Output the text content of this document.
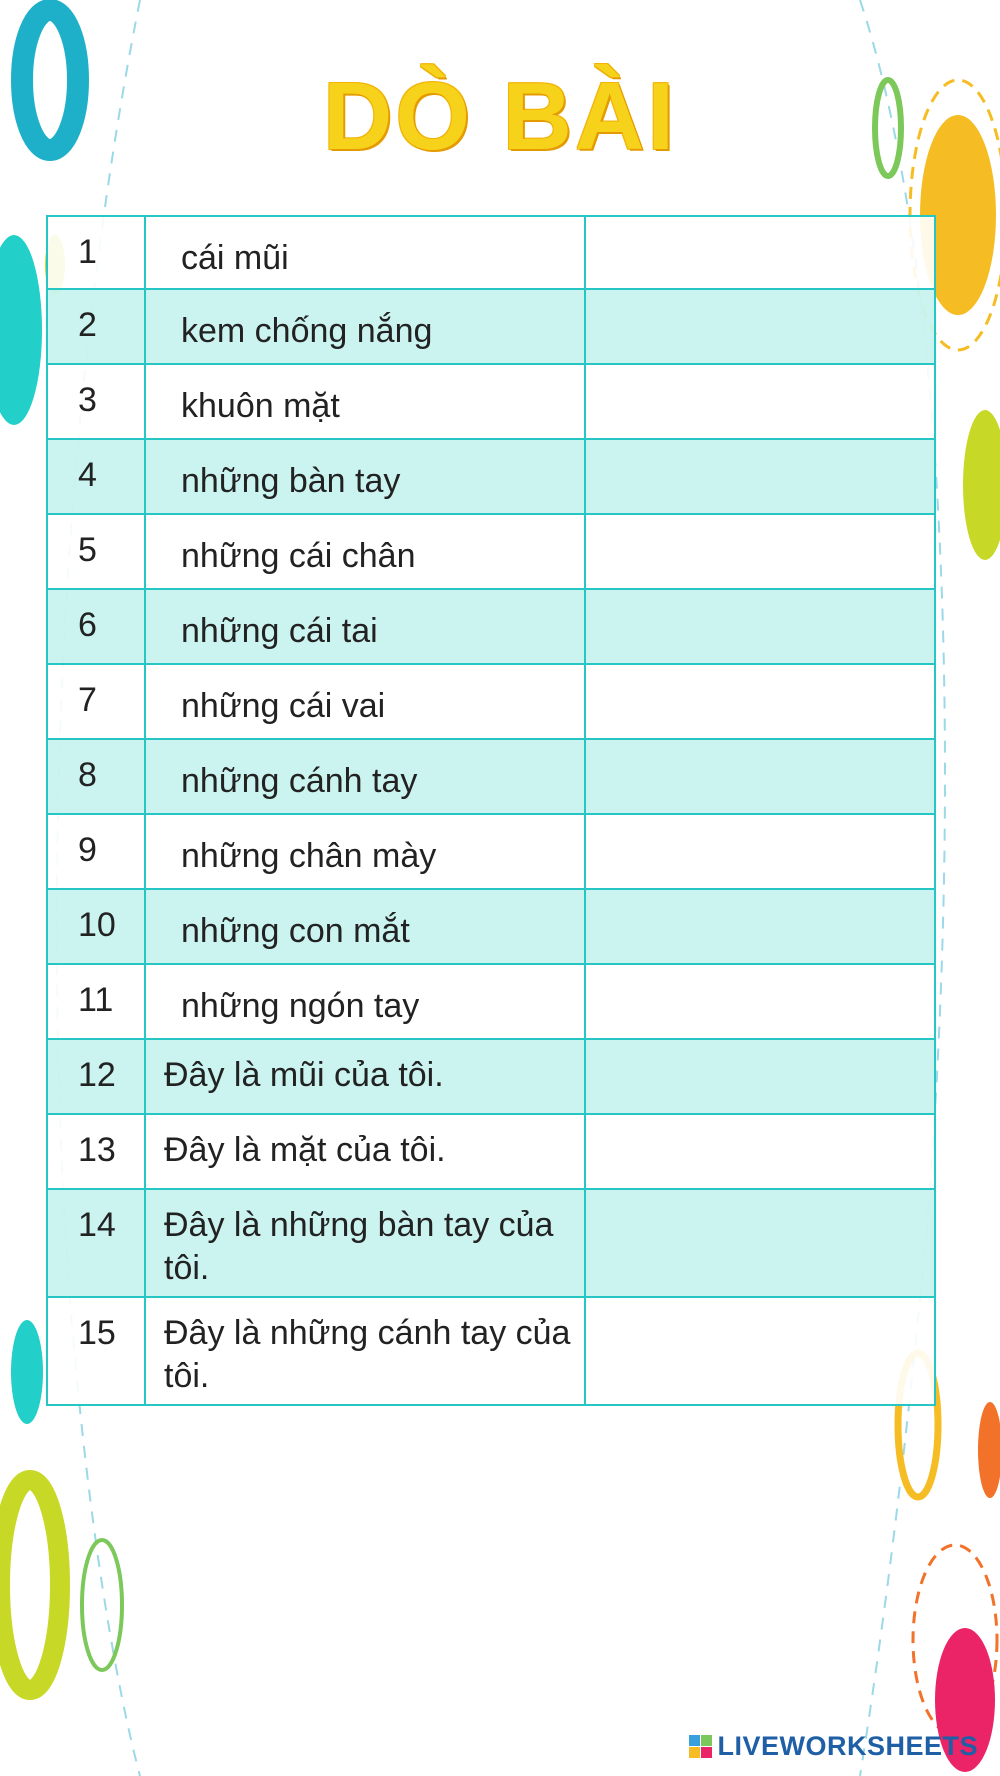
DÒ BÀI
1	cái mũi	
2	kem chống nắng	
3	khuôn mặt	
4	những bàn tay	
5	những cái chân	
6	những cái tai	
7	những cái vai	
8	những cánh tay	
9	những chân mày	
10	những con mắt	
11	những ngón tay	
12	Đây là mũi của tôi.	
13	Đây là mặt của tôi.	
14	Đây là những bàn tay của tôi.	
15	Đây là những cánh tay của tôi.	
LIVEWORKSHEETS
